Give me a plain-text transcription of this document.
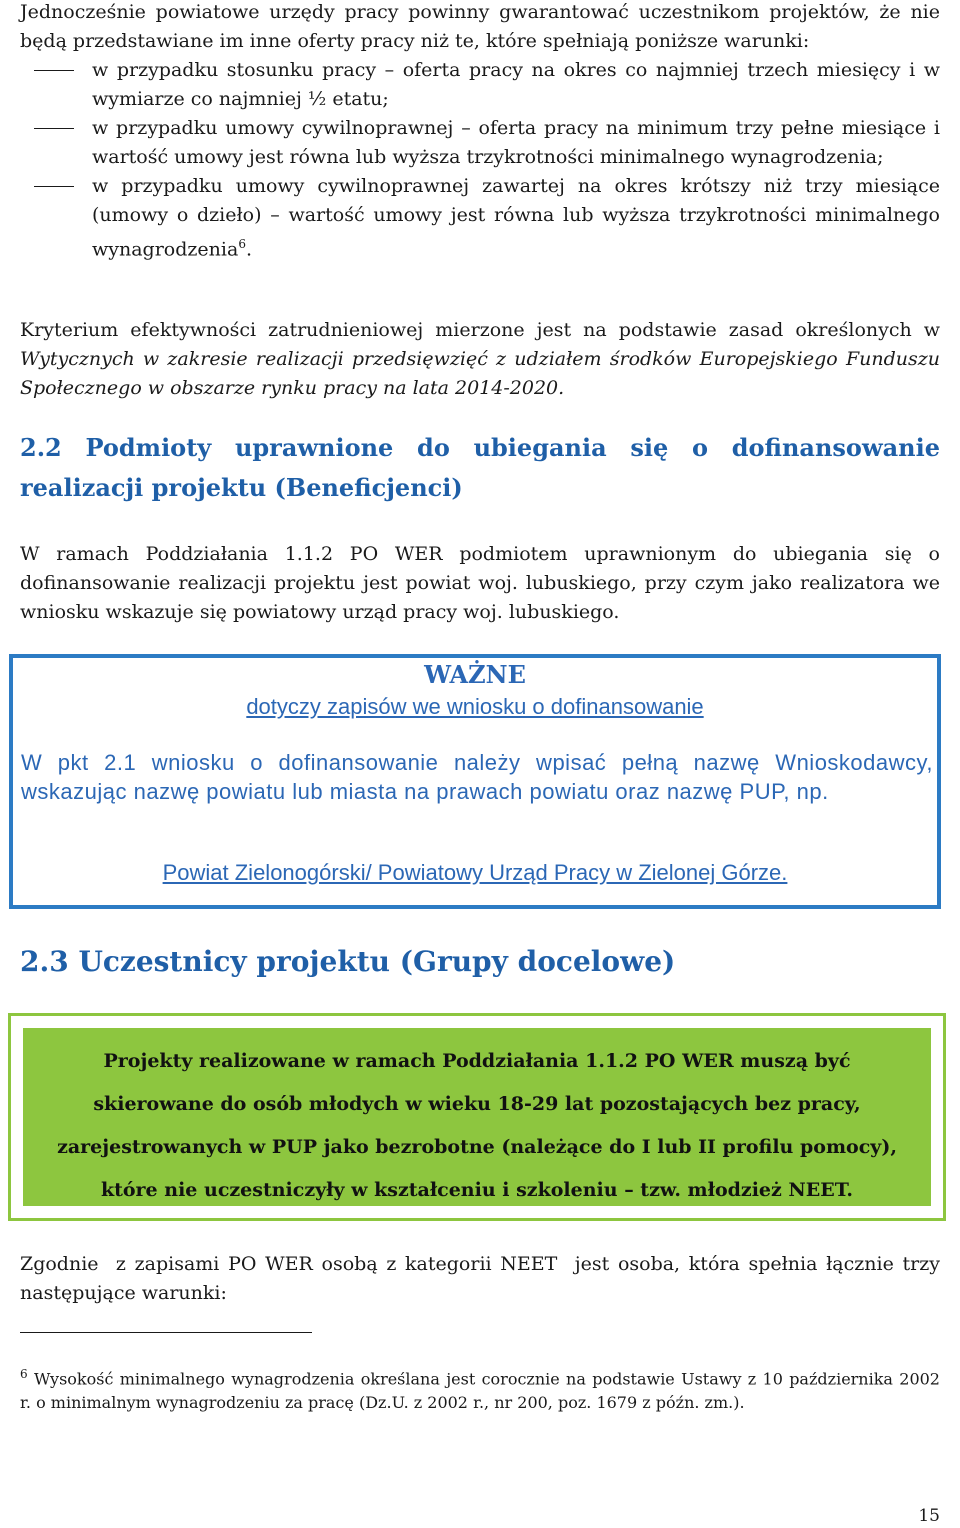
Jednocześnie powiatowe urzędy pracy powinny gwarantować uczestnikom projektów, że nie będą przedstawiane im inne oferty pracy niż te, które spełniają poniższe warunki:

w przypadku stosunku pracy – oferta pracy na okres co najmniej trzech miesięcy i w wymiarze co najmniej ½ etatu;
w przypadku umowy cywilnoprawnej – oferta pracy na minimum trzy pełne miesiące i wartość umowy jest równa lub wyższa trzykrotności minimalnego wynagrodzenia;
w przypadku umowy cywilnoprawnej zawartej na okres krótszy niż trzy miesiące (umowy o dzieło) – wartość umowy jest równa lub wyższa trzykrotności minimalnego wynagrodzenia$^6$.

Kryterium efektywności zatrudnieniowej mierzone jest na podstawie zasad określonych w Wytycznych w zakresie realizacji przedsięwzięć z udziałem środków Europejskiego Funduszu Społecznego w obszarze rynku pracy na lata 2014-2020.

2.2 Podmioty uprawnione do ubiegania się o dofinansowanie realizacji projektu (Beneficjenci)

W ramach Poddziałania 1.1.2 PO WER podmiotem uprawnionym do ubiegania się o dofinansowanie realizacji projektu jest powiat woj. lubuskiego, przy czym jako realizatora we wniosku wskazuje się powiatowy urząd pracy woj. lubuskiego.

WAŻNE
dotyczy zapisów we wniosku o dofinansowanie

W pkt 2.1 wniosku o dofinansowanie należy wpisać pełną nazwę Wnioskodawcy, wskazując nazwę powiatu lub miasta na prawach powiatu oraz nazwę PUP, np.

Powiat Zielonogórski/ Powiatowy Urząd Pracy w Zielonej Górze.
2.3 Uczestnicy projektu (Grupy docelowe)
Projekty realizowane w ramach Poddziałania 1.1.2 PO WER muszą być
skierowane do osób młodych w wieku 18-29 lat pozostających bez pracy,
zarejestrowanych w PUP jako bezrobotne (należące do I lub II profilu pomocy),
które nie uczestniczyły w kształceniu i szkoleniu – tzw. młodzież NEET.

Zgodnie  z zapisami PO WER osobą z kategorii NEET  jest osoba, która spełnia łącznie trzy następujące warunki:

$^6$ Wysokość minimalnego wynagrodzenia określana jest corocznie na podstawie Ustawy z 10 października 2002 r. o minimalnym wynagrodzeniu za pracę (Dz.U. z 2002 r., nr 200, poz. 1679 z późn. zm.).

15
